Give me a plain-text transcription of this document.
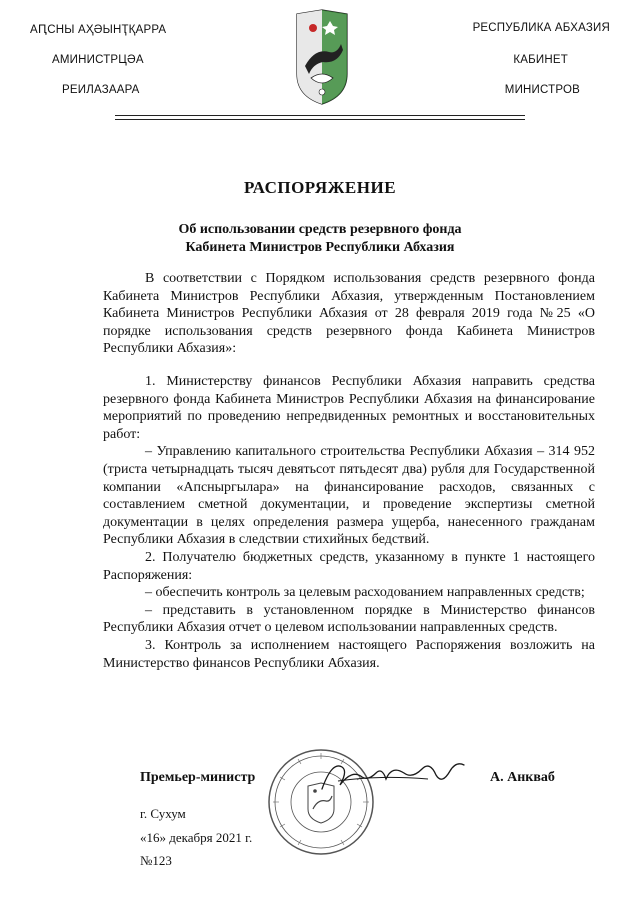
АԤСНЫ АҲӘЫНҬҚАРРА
АМИНИСТРЦӘА
РЕИЛАЗААРА
РЕСПУБЛИКА АБХАЗИЯ
КАБИНЕТ
МИНИСТРОВ
РАСПОРЯЖЕНИЕ
Об использовании средств резервного фонда
Кабинета Министров Республики Абхазия

В соответствии с Порядком использования средств резервного фонда Кабинета Министров Республики Абхазия, утвержденным Постановлением Кабинета Министров Республики Абхазия от 28 февраля 2019 года №25 «О порядке использования средств резервного фонда Кабинета Министров Республики Абхазия»:

1. Министерству финансов Республики Абхазия направить средства резервного фонда Кабинета Министров Республики Абхазия на финансирование мероприятий по проведению непредвиденных ремонтных и восстановительных работ:

– Управлению капитального строительства Республики Абхазия – 314 952 (триста четырнадцать тысяч девятьсот пятьдесят два) рубля для Государственной компании «Апсныргылара» на финансирование расходов, связанных с составлением сметной документации, и проведение экспертизы сметной документации в целях определения размера ущерба, нанесенного гражданам Республики Абхазия в следствии стихийных бедствий.

2. Получателю бюджетных средств, указанному в пункте 1 настоящего Распоряжения:

– обеспечить контроль за целевым расходованием направленных средств;

– представить в установленном порядке в Министерство финансов Республики Абхазия отчет о целевом использовании направленных средств.

3. Контроль за исполнением настоящего Распоряжения возложить на Министерство финансов Республики Абхазия.

Премьер-министр	А. Анкваб
г. Сухум
«16» декабря 2021 г.
№123
